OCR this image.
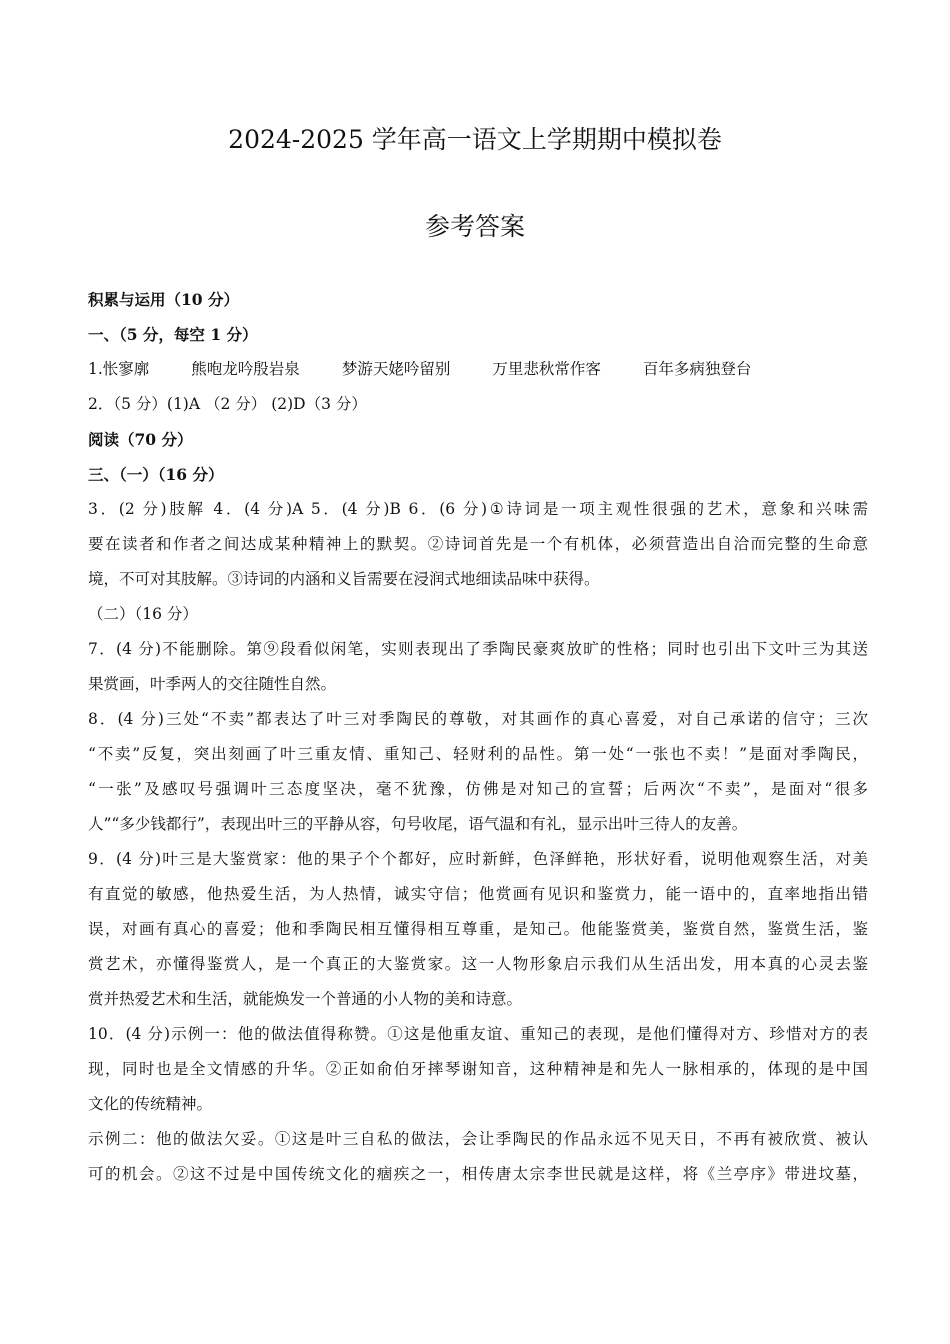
2024-2025 学年高一语文上学期期中模拟卷
参考答案
积累与运用（10 分）
一、（5 分，每空 1 分）
1.怅寥廓	熊咆龙吟殷岩泉	梦游天姥吟留别	万里悲秋常作客	百年多病独登台
2．（5 分）(1)A （2 分） (2)D（3 分）
阅读（70 分）
三、（一）（16 分）
3．(2 分)肢解 4．(4 分)A 5．(4 分)B 6．(6 分)①诗词是一项主观性很强的艺术，意象和兴味需
要在读者和作者之间达成某种精神上的默契。②诗词首先是一个有机体，必须营造出自洽而完整的生命意
境，不可对其肢解。③诗词的内涵和义旨需要在浸润式地细读品味中获得。
（二）（16 分）
7．(4 分)不能删除。第⑨段看似闲笔，实则表现出了季陶民豪爽放旷的性格；同时也引出下文叶三为其送
果赏画，叶季两人的交往随性自然。
8．(4 分)三处“不卖”都表达了叶三对季陶民的尊敬，对其画作的真心喜爱，对自己承诺的信守；三次
“不卖”反复，突出刻画了叶三重友情、重知己、轻财利的品性。第一处“一张也不卖！”是面对季陶民，
“一张”及感叹号强调叶三态度坚决，毫不犹豫，仿佛是对知己的宣誓；后两次“不卖”，是面对“很多
人”“多少钱都行”，表现出叶三的平静从容，句号收尾，语气温和有礼，显示出叶三待人的友善。
9．(4 分)叶三是大鉴赏家：他的果子个个都好，应时新鲜，色泽鲜艳，形状好看，说明他观察生活，对美
有直觉的敏感，他热爱生活，为人热情，诚实守信；他赏画有见识和鉴赏力，能一语中的，直率地指出错
误，对画有真心的喜爱；他和季陶民相互懂得相互尊重，是知己。他能鉴赏美，鉴赏自然，鉴赏生活，鉴
赏艺术，亦懂得鉴赏人，是一个真正的大鉴赏家。这一人物形象启示我们从生活出发，用本真的心灵去鉴
赏并热爱艺术和生活，就能焕发一个普通的小人物的美和诗意。
10．(4 分)示例一：他的做法值得称赞。①这是他重友谊、重知己的表现，是他们懂得对方、珍惜对方的表
现，同时也是全文情感的升华。②正如俞伯牙摔琴谢知音，这种精神是和先人一脉相承的，体现的是中国
文化的传统精神。
示例二：他的做法欠妥。①这是叶三自私的做法，会让季陶民的作品永远不见天日，不再有被欣赏、被认
可的机会。②这不过是中国传统文化的痼疾之一，相传唐太宗李世民就是这样，将《兰亭序》带进坟墓，
